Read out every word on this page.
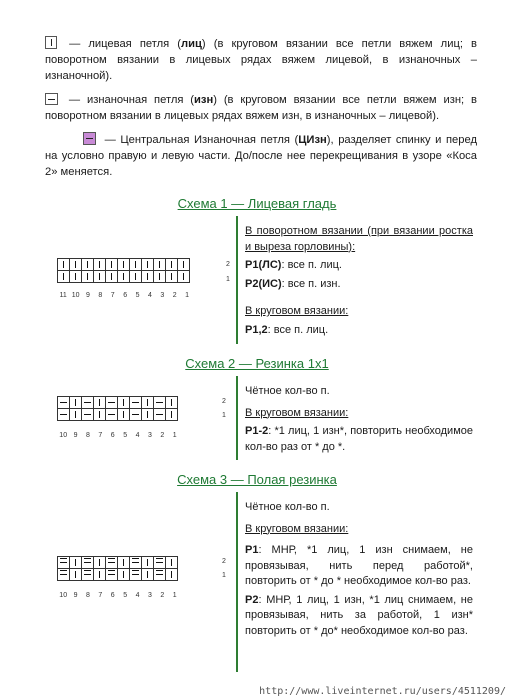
— лицевая петля (лиц) (в круговом вязании все петли вяжем лиц; в поворотном вязании в лицевых рядах вяжем лицевой, в изнаночных – изнаночной).
— изнаночная петля (изн) (в круговом вязании все петли вяжем изн; в поворотном вязании в лицевых рядах вяжем изн, в изнаночных – лицевой).
— Центральная Изнаночная петля (ЦИзн), разделяет спинку и перед на условно правую и левую части. До/после нее перекрещивания в узоре «Коса 2» меняется.
Схема 1 — Лицевая гладь

2
1
11 10 9	8	7	6	5	4	3	2	1

В поворотном вязании (при вязании ростка и выреза горловины):

Р1(ЛС): все п. лиц.

Р2(ИС): все п. изн.

В круговом вязании:

Р1,2: все п. лиц.

Схема 2 — Резинка 1х1

2
1
10 9	8	7	6	5	4	3	2	1

Чётное кол-во п.

В круговом вязании:

Р1-2: *1 лиц, 1 изн*, повторить необходимое кол-во раз от * до *.

Схема 3 — Полая резинка

2
1
10 9	8	7	6	5	4	3	2	1

Чётное кол-во п.

В круговом вязании:

Р1: МНР, *1 лиц, 1 изн снимаем, не провязывая, нить перед работой*, повторить от * до * необходимое кол-во раз.

Р2: МНР, 1 лиц, 1 изн, *1 лиц снимаем, не провязывая, нить за работой, 1 изн* повторить от * до* необходимое кол-во раз.

http://www.liveinternet.ru/users/4511209/
